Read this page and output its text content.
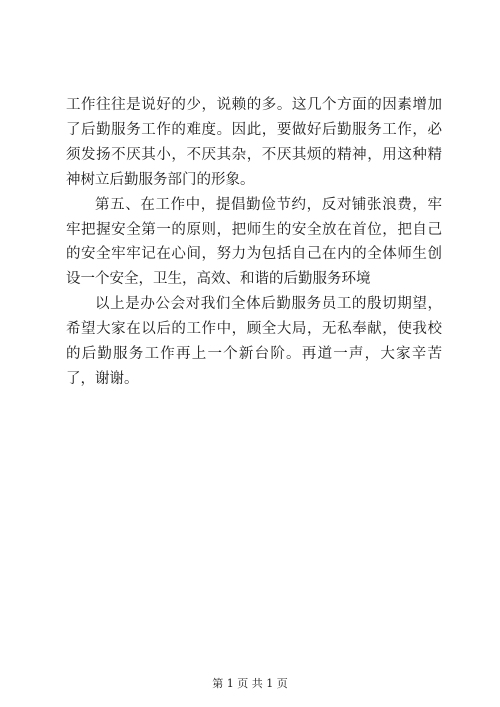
工作往往是说好的少，说赖的多。这几个方面的因素增加了后勤服务工作的难度。因此，要做好后勤服务工作，必须发扬不厌其小，不厌其杂，不厌其烦的精神，用这种精神树立后勤服务部门的形象。

第五、在工作中，提倡勤俭节约，反对铺张浪费，牢牢把握安全第一的原则，把师生的安全放在首位，把自己的安全牢牢记在心间，努力为包括自己在内的全体师生创设一个安全，卫生，高效、和谐的后勤服务环境

以上是办公会对我们全体后勤服务员工的殷切期望，希望大家在以后的工作中，顾全大局，无私奉献，使我校的后勤服务工作再上一个新台阶。再道一声，大家辛苦了，谢谢。

第 1 页 共 1 页
